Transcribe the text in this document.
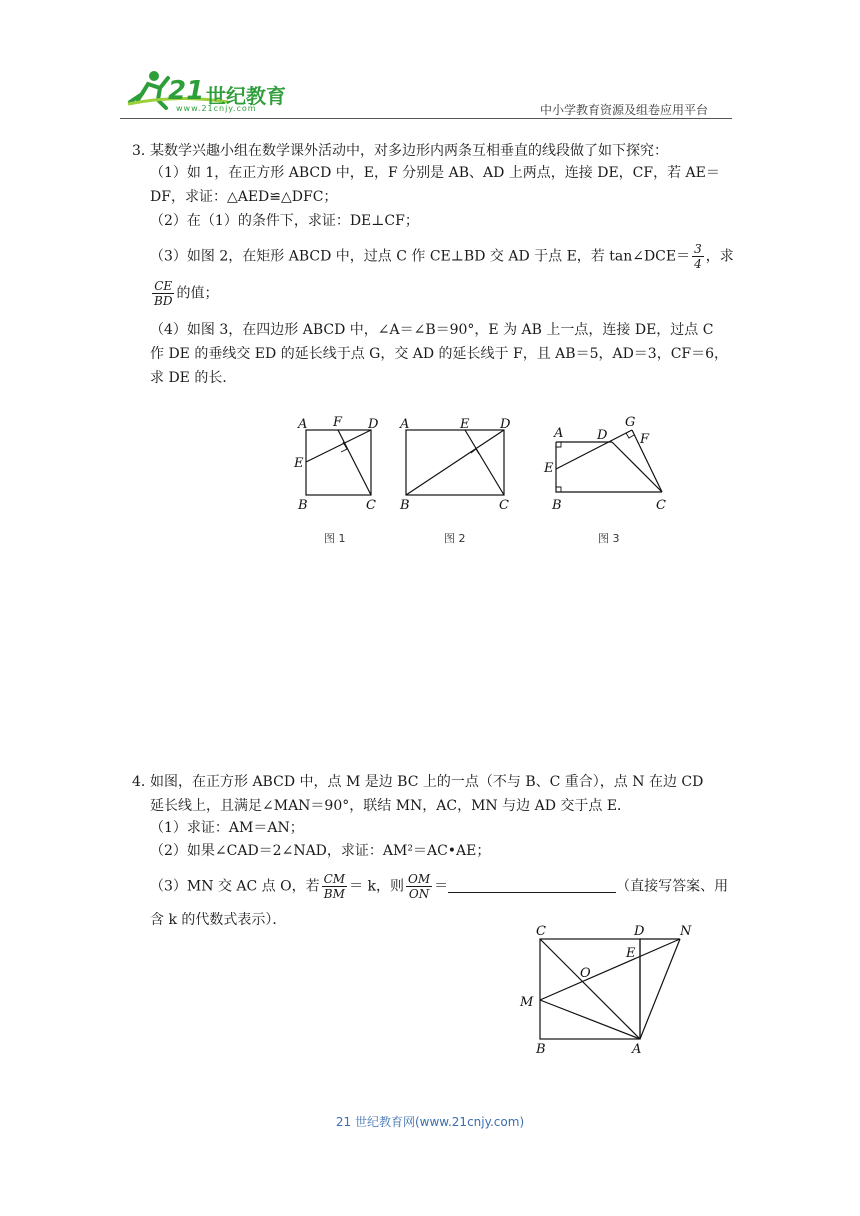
21 世纪教育
www.21cnjy.com	中小学教育资源及组卷应用平台
3．
某数学兴趣小组在数学课外活动中，对多边形内两条互相垂直的线段做了如下探究：
（1）如 1，在正方形 ABCD 中，E，F 分别是 AB、AD 上两点，连接 DE，CF，若 AE＝
DF，求证：△AED≌△DFC；
（2）在（1）的条件下，求证：DE⊥CF；
（3）如图 2，在矩形 ABCD 中，过点 C 作 CE⊥BD 交 AD 于点 E，若 tan∠DCE＝ $\frac{3}{4}$ ，求
$\frac{CE}{BD}$ 的值；
（4）如图 3，在四边形 ABCD 中，∠A＝∠B＝90°，E 为 AB 上一点，连接 DE，过点 C
作 DE 的垂线交 ED 的延长线于点 G，交 AD 的延长线于 F，且 AB＝5，AD＝3，CF＝6，
求 DE 的长．
A F D
E
B	C
A	E D
B	C
A	D
G
F
E
B	C
图 1	图 2	图 3
4．
如图，在正方形 ABCD 中，点 M 是边 BC 上的一点（不与 B、C 重合），点 N 在边 CD
延长线上，且满足∠MAN＝90°，联结 MN，AC，MN 与边 AD 交于点 E．
（1）求证：AM＝AN；
（2）如果∠CAD＝2∠NAD，求证：AM²＝AC•AE；
（3）MN 交 AC 点 O，若 $\frac{CM}{BM} = k$，则 $\frac{OM}{ON}$ ＝	（直接写答案、用
含 k 的代数式表示）．
C	D	N
E
O
M
B	A
21 世纪教育网(www.21cnjy.com)
